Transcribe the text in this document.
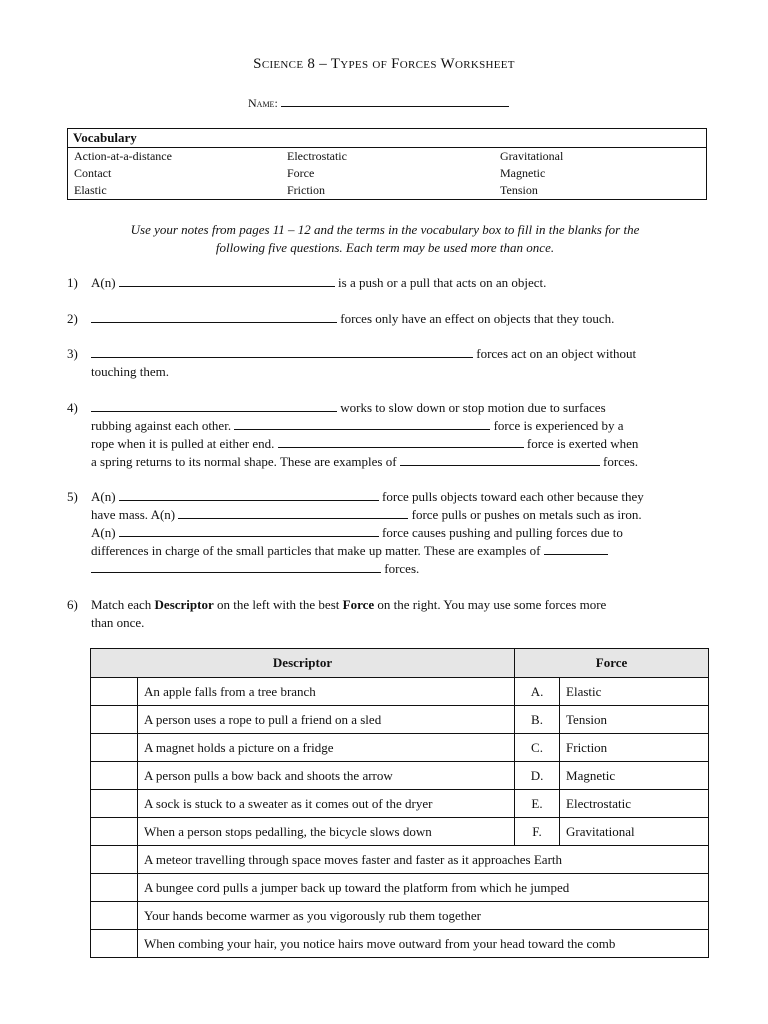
Science 8 – Types of Forces Worksheet
Name:
Vocabulary
Action-at-a-distance	Electrostatic	Gravitational
Contact	Force	Magnetic
Elastic	Friction	Tension
Use your notes from pages 11 – 12 and the terms in the vocabulary box to fill in the blanks for the
following five questions. Each term may be used more than once.
1)	A(n)	is a push or a pull that acts on an object.
2)	forces only have an effect on objects that they touch.
3)	forces act on an object without
touching them.
4)	works to slow down or stop motion due to surfaces
rubbing against each other.	force is experienced by a
rope when it is pulled at either end.	force is exerted when
a spring returns to its normal shape. These are examples of	forces.
5)	A(n)	force pulls objects toward each other because they
have mass. A(n)	force pulls or pushes on metals such as iron.
A(n)	force causes pushing and pulling forces due to
differences in charge of the small particles that make up matter. These are examples of
forces.
6)	Match each Descriptor on the left with the best Force on the right. You may use some forces more
than once.
Descriptor		Force	
	An apple falls from a tree branch	A.	Elastic
	A person uses a rope to pull a friend on a sled	B.	Tension
	A magnet holds a picture on a fridge	C.	Friction
	A person pulls a bow back and shoots the arrow	D.	Magnetic
	A sock is stuck to a sweater as it comes out of the dryer	E.	Electrostatic
	When a person stops pedalling, the bicycle slows down	F.	Gravitational
	A meteor travelling through space moves faster and faster as it approaches Earth		
	A bungee cord pulls a jumper back up toward the platform from which he jumped		
	Your hands become warmer as you vigorously rub them together		
	When combing your hair, you notice hairs move outward from your head toward the comb		
